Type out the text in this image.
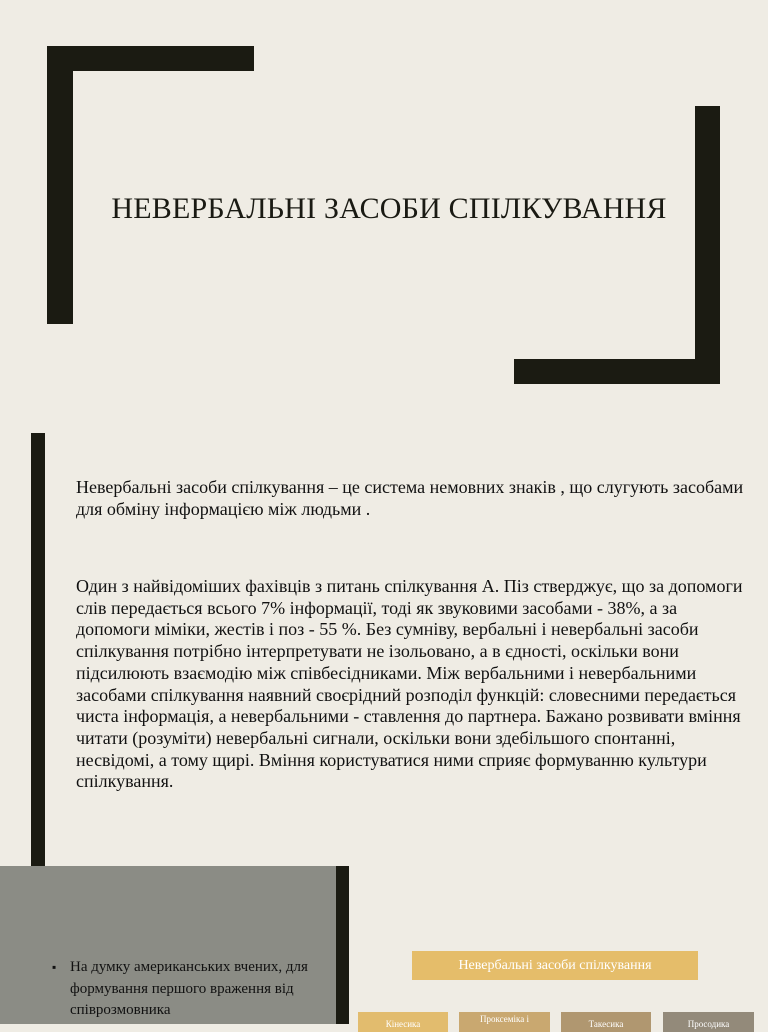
НЕВЕРБАЛЬНІ ЗАСОБИ СПІЛКУВАННЯ

Невербальні засоби спілкування – це система немовних знаків , що слугують засобами для обміну інформацією між людьми .

Один з найвідоміших фахівців з питань спілкування А. Піз стверджує, що за допомоги слів передається всього 7% інформації, тоді як звуковими засобами - 38%, а за допомоги міміки, жестів і поз - 55 %. Без сумніву, вербальні і невербальні засоби спілкування потрібно інтерпретувати не ізольовано, а в єдності, оскільки вони підсилюють взаємодію між співбесідниками. Між вербальними і невербальними засобами спілкування наявний своєрідний розподіл функцій: словесними передається чиста інформація, а невербальними - ставлення до партнера. Бажано розвивати вміння читати (розуміти) невербальні сигнали, оскільки вони здебільшого спонтанні, несвідомі, а тому щирі. Вміння користуватися ними сприяє формуванню культури спілкування.

▪ На думку американських вчених, для формування першого враження від співрозмовника

Невербальні засоби спілкування
Кінесика	Проксеміка і	Такесика	Просодика
